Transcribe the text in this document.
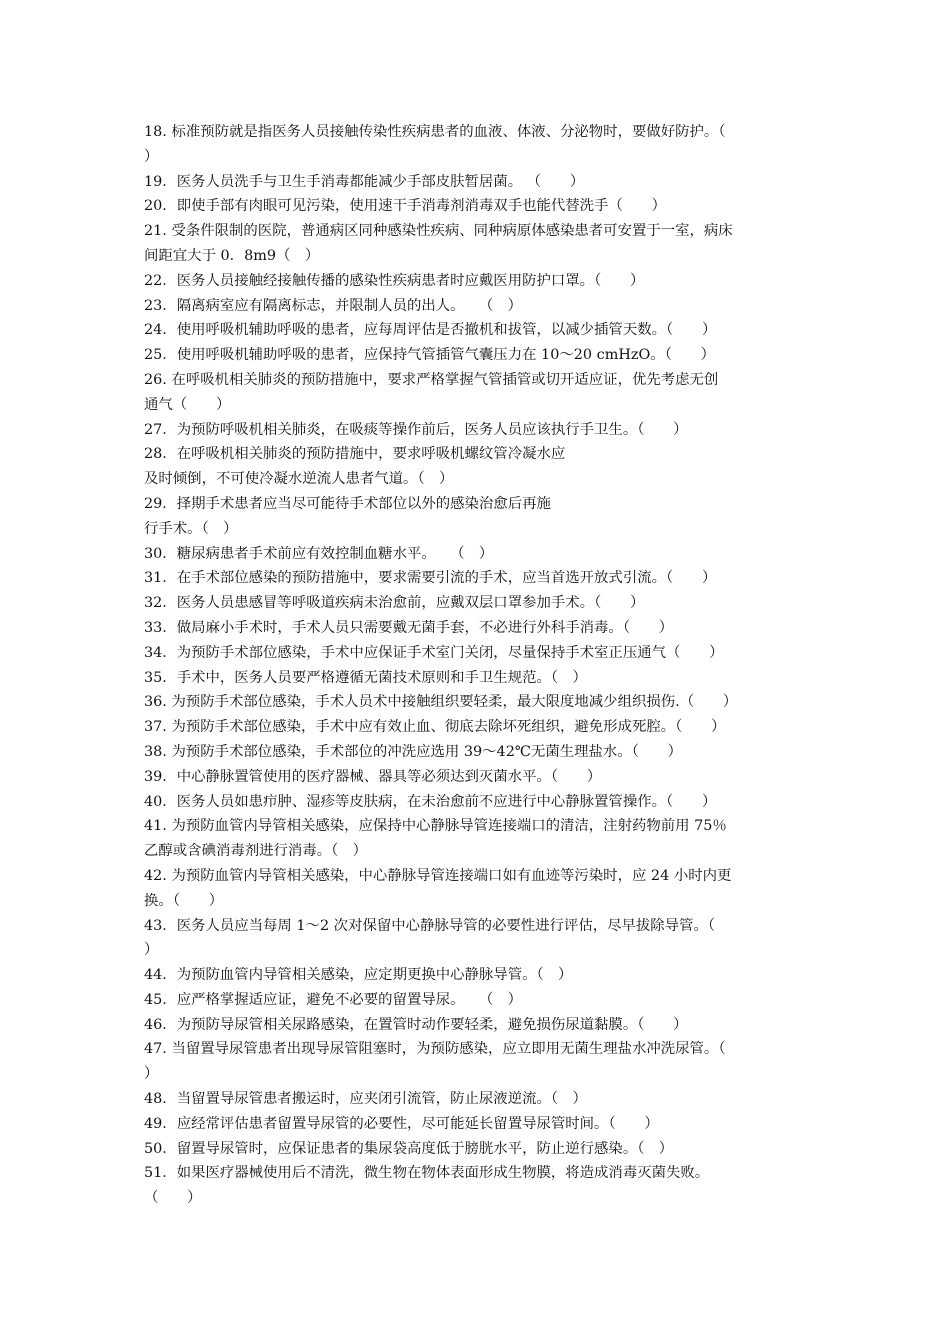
18. 标准预防就是指医务人员接触传染性疾病患者的血液、体液、分泌物时，要做好防护。（
）
19．医务人员洗手与卫生手消毒都能减少手部皮肤暂居菌。 （　　）
20．即使手部有肉眼可见污染，使用速干手消毒剂消毒双手也能代替洗手（　　）
21. 受条件限制的医院，普通病区同种感染性疾病、同种病原体感染患者可安置于一室，病床
间距宜大于 0．8m9（　）
22．医务人员接触经接触传播的感染性疾病患者时应戴医用防护口罩。（　　）
23．隔离病室应有隔离标志，并限制人员的出人。　　（　）
24．使用呼吸机辅助呼吸的患者，应每周评估是否撤机和拔管，以减少插管天数。（　　）
25．使用呼吸机辅助呼吸的患者，应保持气管插管气囊压力在 10～20 cmHzO。（　　）
26. 在呼吸机相关肺炎的预防措施中，要求严格掌握气管插管或切开适应证，优先考虑无创
通气（　　）
27．为预防呼吸机相关肺炎，在吸痰等操作前后，医务人员应该执行手卫生。（　　）
28．在呼吸机相关肺炎的预防措施中，要求呼吸机螺纹管冷凝水应
及时倾倒，不可使冷凝水逆流人患者气道。（　）
29．择期手术患者应当尽可能待手术部位以外的感染治愈后再施
行手术。（　）
30．糖尿病患者手术前应有效控制血糖水平。　　（　）
31．在手术部位感染的预防措施中，要求需要引流的手术，应当首选开放式引流。（　　）
32．医务人员患感冒等呼吸道疾病未治愈前，应戴双层口罩参加手术。（　　）
33．做局麻小手术时，手术人员只需要戴无菌手套，不必进行外科手消毒。（　　）
34．为预防手术部位感染，手术中应保证手术室门关闭，尽量保持手术室正压通气（　　）
35．手术中，医务人员要严格遵循无菌技术原则和手卫生规范。（　）
36. 为预防手术部位感染，手术人员术中接触组织要轻柔，最大限度地减少组织损伤.（　　）
37. 为预防手术部位感染，手术中应有效止血、彻底去除坏死组织，避免形成死腔。（　　）
38. 为预防手术部位感染，手术部位的冲洗应选用 39～42℃无菌生理盐水。（　　）
39．中心静脉置管使用的医疗器械、器具等必须达到灭菌水平。（　　）
40．医务人员如患疖肿、湿疹等皮肤病，在未治愈前不应进行中心静脉置管操作。（　　）
41. 为预防血管内导管相关感染，应保持中心静脉导管连接端口的清洁，注射药物前用 75％
乙醇或含碘消毒剂进行消毒。（　）
42. 为预防血管内导管相关感染，中心静脉导管连接端口如有血迹等污染时，应 24 小时内更
换。（　　）
43．医务人员应当每周 1～2 次对保留中心静脉导管的必要性进行评估，尽早拔除导管。（
）
44．为预防血管内导管相关感染，应定期更换中心静脉导管。（　）
45．应严格掌握适应证，避免不必要的留置导尿。　　（　）
46．为预防导尿管相关尿路感染，在置管时动作要轻柔，避免损伤尿道黏膜。（　　）
47. 当留置导尿管患者出现导尿管阻塞时，为预防感染，应立即用无菌生理盐水冲洗尿管。（
）
48．当留置导尿管患者搬运时，应夹闭引流管，防止尿液逆流。（　）
49．应经常评估患者留置导尿管的必要性，尽可能延长留置导尿管时间。（　　）
50．留置导尿管时，应保证患者的集尿袋高度低于膀胱水平，防止逆行感染。（　）
51．如果医疗器械使用后不清洗，微生物在物体表面形成生物膜，将造成消毒灭菌失败。
（　　）
